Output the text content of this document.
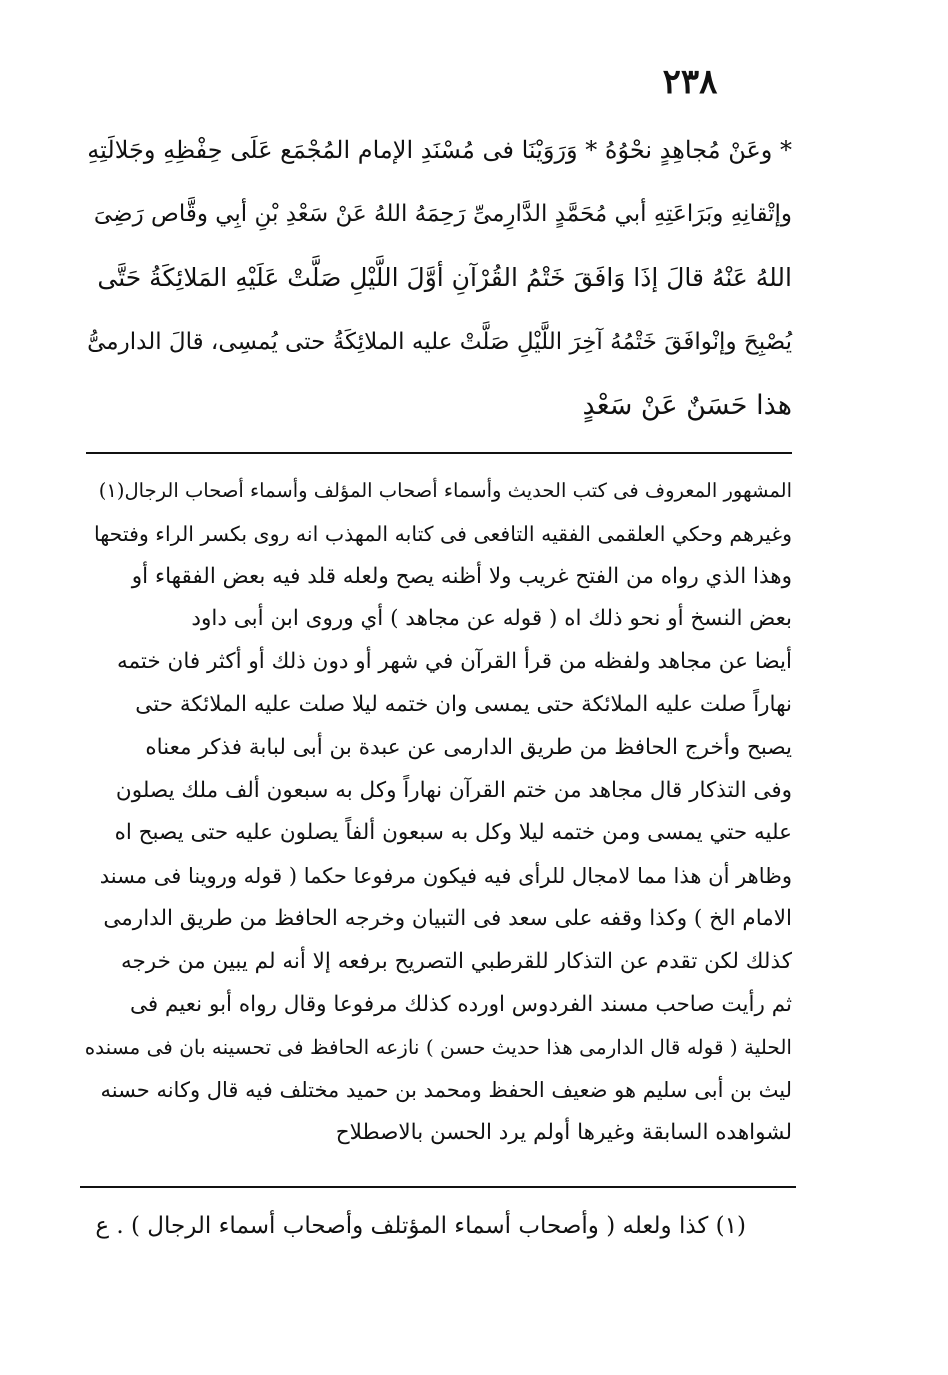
٢٣٨
* وعَنْ مُجاهِدٍ نحْوُهُ * وَرَوَيْنَا فى مُسْنَدِ الإمام المُجْمَع عَلَى حِفْظِهِ وجَلالَتِهِ
وإتْقانِهِ وبَرَاعَتِهِ أبي مُحَمَّدٍ الدَّارِمىِّ رَحِمَهُ اللهُ عَنْ سَعْدِ بْنِ أبِي وقَّاص رَضِىَ
اللهُ عَنْهُ قالَ إذَا وَافَقَ خَتْمُ القُرْآنِ أوَّلَ اللَّيْلِ صَلَّتْ عَلَيْهِ المَلائِكَةُ حَتَّى
يُصْبِحَ وإنْوافَقَ خَتْمُهُ آخِرَ اللَّيْلِ صَلَّتْ عليه الملائِكَةُ حتى يُمسِى، قالَ الدارمىُّ
هذا حَسَنٌ عَنْ سَعْدٍ
المشهور المعروف فى كتب الحديث وأسماء أصحاب المؤلف وأسماء أصحاب الرجال(١)
وغيرهم وحكي العلقمى الفقيه التافعى فى كتابه المهذب انه روى بكسر الراء وفتحها
وهذا الذي رواه من الفتح غريب ولا أظنه يصح ولعله قلد فيه بعض الفقهاء أو
بعض النسخ أو نحو ذلك اه ( قوله عن مجاهد ) أي وروى ابن أبى داود
أيضا عن مجاهد ولفظه من قرأ القرآن في شهر أو دون ذلك أو أكثر فان ختمه
نهاراً صلت عليه الملائكة حتى يمسى وان ختمه ليلا صلت عليه الملائكة حتى
يصبح وأخرج الحافظ من طريق الدارمى عن عبدة بن أبى لبابة فذكر معناه
وفى التذكار قال مجاهد من ختم القرآن نهاراً وكل به سبعون ألف ملك يصلون
عليه حتي يمسى ومن ختمه ليلا وكل به سبعون ألفاً يصلون عليه حتى يصبح اه
وظاهر أن هذا مما لامجال للرأى فيه فيكون مرفوعا حكما ( قوله وروينا فى مسند
الامام الخ ) وكذا وقفه على سعد فى التبيان وخرجه الحافظ من طريق الدارمى
كذلك لكن تقدم عن التذكار للقرطبي التصريح برفعه إلا أنه لم يبين من خرجه
ثم رأيت صاحب مسند الفردوس اورده كذلك مرفوعا وقال رواه أبو نعيم فى
الحلية ( قوله قال الدارمى هذا حديث حسن ) نازعه الحافظ فى تحسينه بان فى مسنده
ليث بن أبى سليم هو ضعيف الحفظ ومحمد بن حميد مختلف فيه قال وكانه حسنه
لشواهده السابقة وغيرها أولم يرد الحسن بالاصطلاح
(١) كذا ولعله ( وأصحاب أسماء المؤتلف وأصحاب أسماء الرجال ) . ع
